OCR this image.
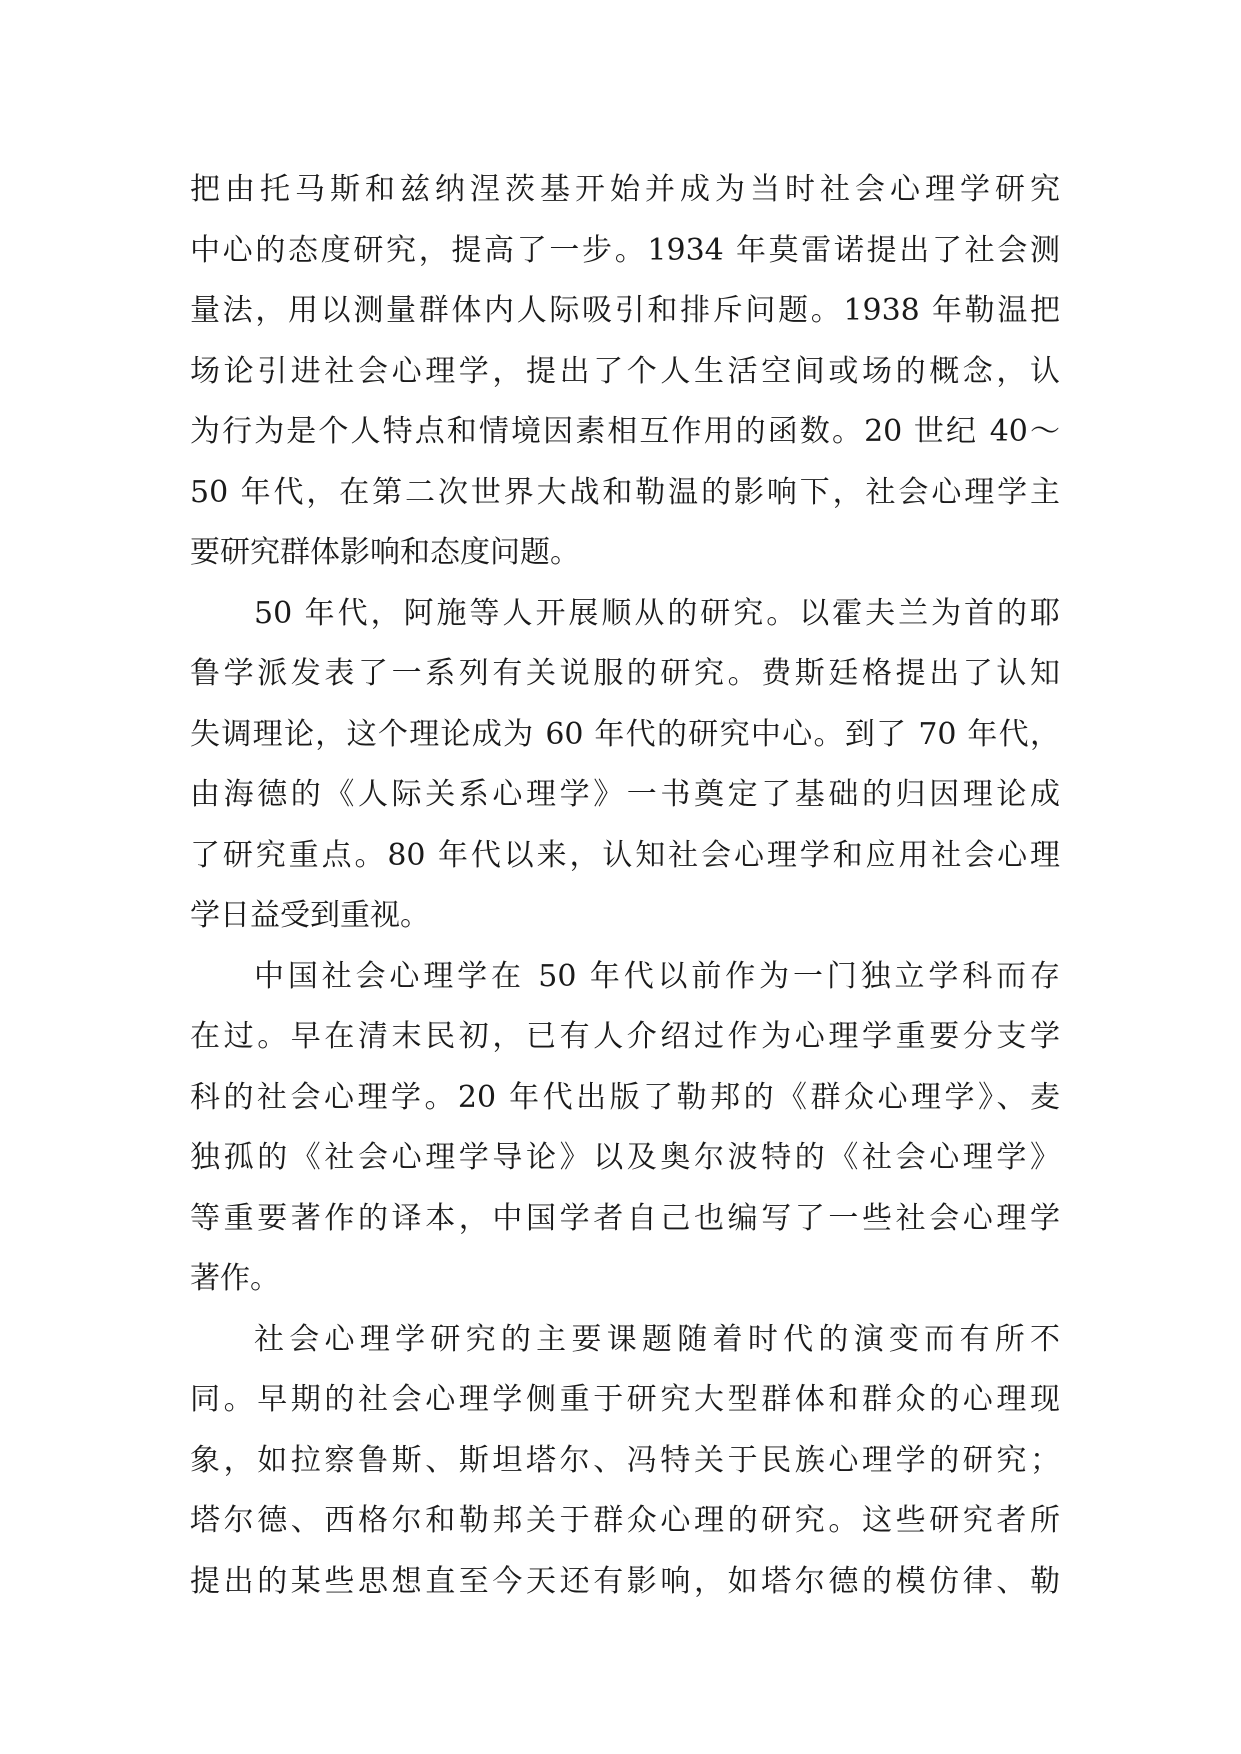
把由托马斯和兹纳涅茨基开始并成为当时社会心理学研究
中心的态度研究，提高了一步。1934 年莫雷诺提出了社会测
量法，用以测量群体内人际吸引和排斥问题。1938 年勒温把
场论引进社会心理学，提出了个人生活空间或场的概念，认
为行为是个人特点和情境因素相互作用的函数。20 世纪 40～
50 年代，在第二次世界大战和勒温的影响下，社会心理学主
要研究群体影响和态度问题。
50 年代，阿施等人开展顺从的研究。以霍夫兰为首的耶
鲁学派发表了一系列有关说服的研究。费斯廷格提出了认知
失调理论，这个理论成为 60 年代的研究中心。到了 70 年代，
由海德的《人际关系心理学》一书奠定了基础的归因理论成
了研究重点。80 年代以来，认知社会心理学和应用社会心理
学日益受到重视。
中国社会心理学在 50 年代以前作为一门独立学科而存
在过。早在清末民初，已有人介绍过作为心理学重要分支学
科的社会心理学。20 年代出版了勒邦的《群众心理学》、麦
独孤的《社会心理学导论》以及奥尔波特的《社会心理学》
等重要著作的译本，中国学者自己也编写了一些社会心理学
著作。
社会心理学研究的主要课题随着时代的演变而有所不
同。早期的社会心理学侧重于研究大型群体和群众的心理现
象，如拉察鲁斯、斯坦塔尔、冯特关于民族心理学的研究；
塔尔德、西格尔和勒邦关于群众心理的研究。这些研究者所
提出的某些思想直至今天还有影响，如塔尔德的模仿律、勒
